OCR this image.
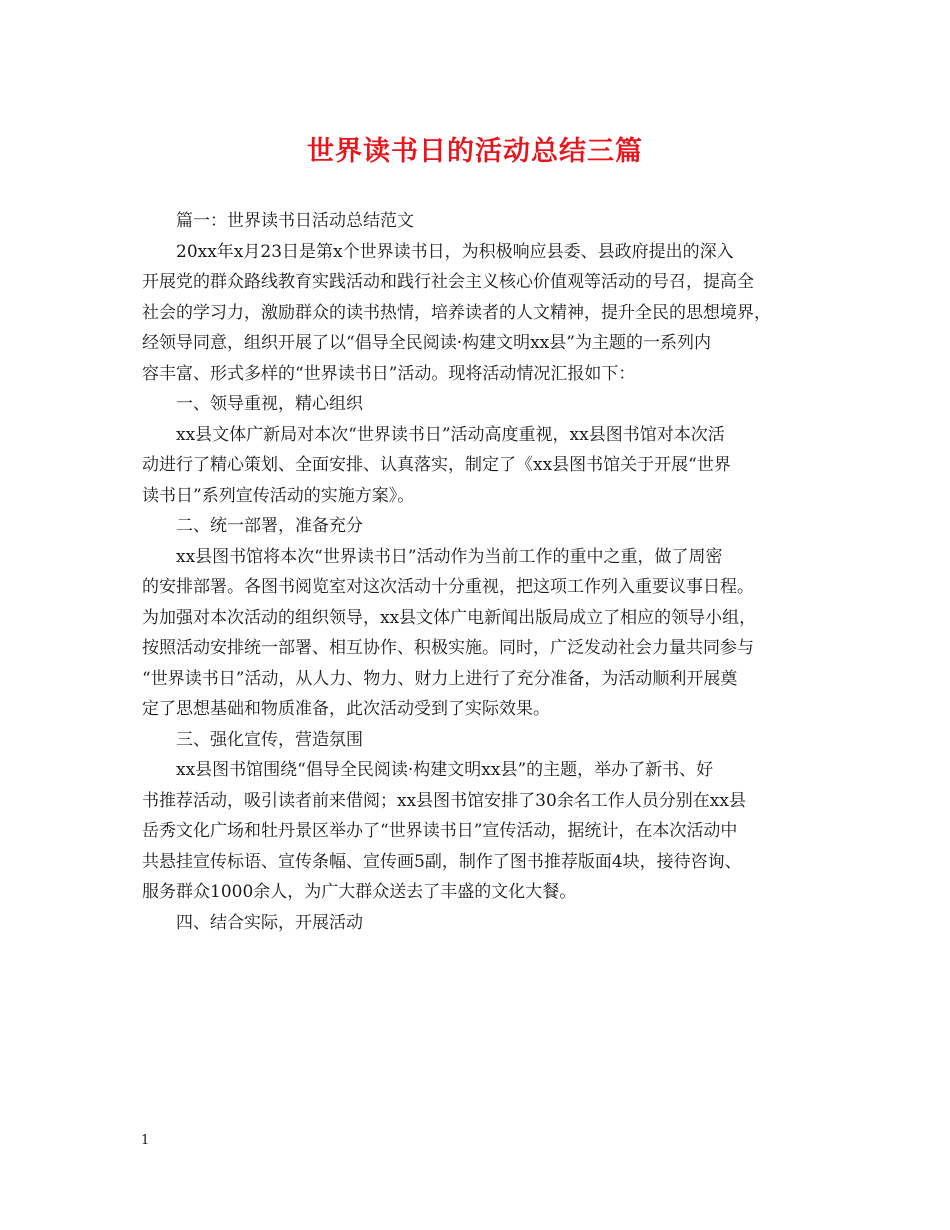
世界读书日的活动总结三篇
篇一：世界读书日活动总结范文
20xx年x月23日是第x个世界读书日，为积极响应县委、县政府提出的深入
开展党的群众路线教育实践活动和践行社会主义核心价值观等活动的号召，提高全
社会的学习力，激励群众的读书热情，培养读者的人文精神，提升全民的思想境界，
经领导同意，组织开展了以“倡导全民阅读·构建文明xx县”为主题的一系列内
容丰富、形式多样的“世界读书日”活动。现将活动情况汇报如下：
一、领导重视，精心组织
xx县文体广新局对本次“世界读书日”活动高度重视，xx县图书馆对本次活
动进行了精心策划、全面安排、认真落实，制定了《xx县图书馆关于开展“世界
读书日”系列宣传活动的实施方案》。
二、统一部署，准备充分
xx县图书馆将本次“世界读书日”活动作为当前工作的重中之重，做了周密
的安排部署。各图书阅览室对这次活动十分重视，把这项工作列入重要议事日程。
为加强对本次活动的组织领导，xx县文体广电新闻出版局成立了相应的领导小组，
按照活动安排统一部署、相互协作、积极实施。同时，广泛发动社会力量共同参与
“世界读书日”活动，从人力、物力、财力上进行了充分准备，为活动顺利开展奠
定了思想基础和物质准备，此次活动受到了实际效果。
三、强化宣传，营造氛围
xx县图书馆围绕“倡导全民阅读·构建文明xx县”的主题，举办了新书、好
书推荐活动，吸引读者前来借阅；xx县图书馆安排了30余名工作人员分别在xx县
岳秀文化广场和牡丹景区举办了“世界读书日”宣传活动，据统计，在本次活动中
共悬挂宣传标语、宣传条幅、宣传画5副，制作了图书推荐版面4块，接待咨询、
服务群众1000余人，为广大群众送去了丰盛的文化大餐。
四、结合实际，开展活动
1
